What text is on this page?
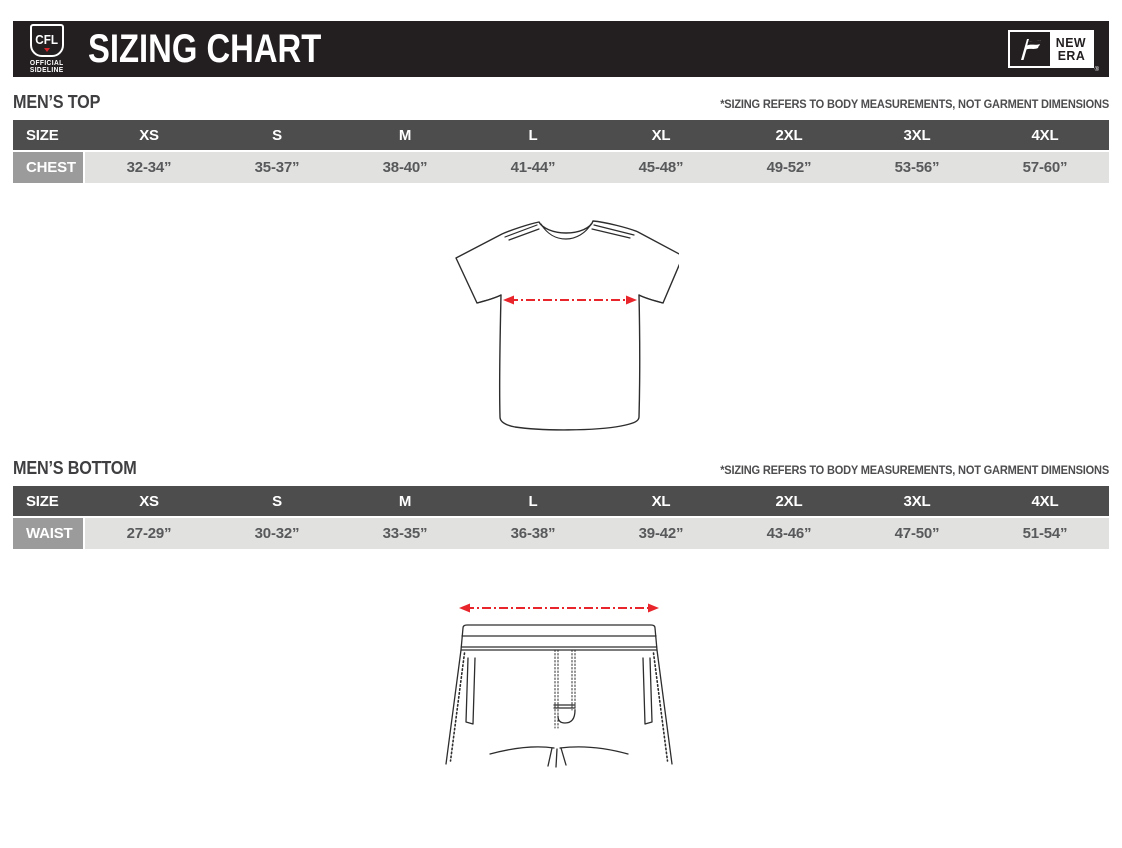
···
CFL
OFFICIAL
SIDELINE SIZING CHART	NEW
ERA
®
MEN’S TOP	*SIZING REFERS TO BODY MEASUREMENTS, NOT GARMENT DIMENSIONS
SIZE	XS	S	M	L	XL	2XL	3XL	4XL
CHEST	32-34”	35-37”	38-40”	41-44”	45-48”	49-52”	53-56”	57-60”
MEN’S BOTTOM	*SIZING REFERS TO BODY MEASUREMENTS, NOT GARMENT DIMENSIONS
SIZE	XS	S	M	L	XL	2XL	3XL	4XL
WAIST	27-29”	30-32”	33-35”	36-38”	39-42”	43-46”	47-50”	51-54”
